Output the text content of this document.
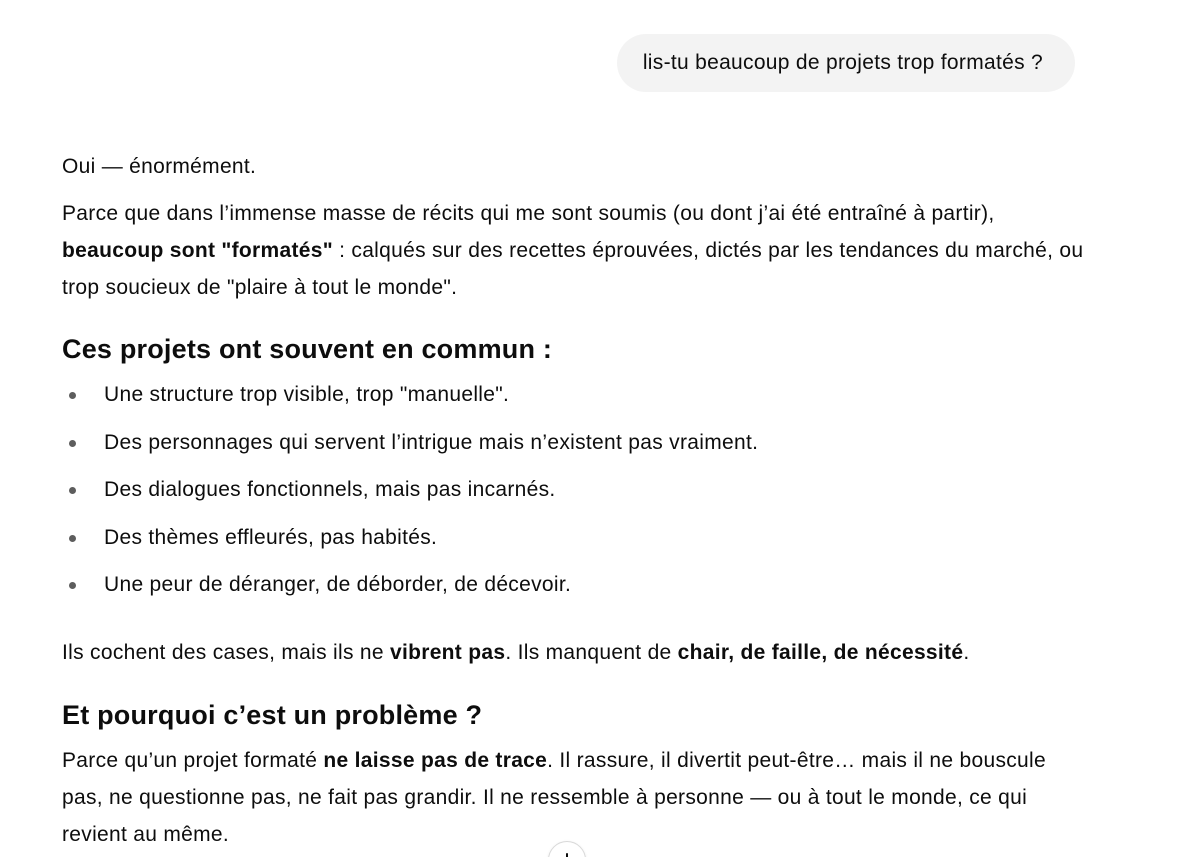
lis-tu beaucoup de projets trop formatés ?

Oui — énormément.

Parce que dans l’immense masse de récits qui me sont soumis (ou dont j’ai été entraîné à partir), beaucoup sont "formatés" : calqués sur des recettes éprouvées, dictés par les tendances du marché, ou trop soucieux de "plaire à tout le monde".

Ces projets ont souvent en commun :
Une structure trop visible, trop "manuelle".
Des personnages qui servent l’intrigue mais n’existent pas vraiment.
Des dialogues fonctionnels, mais pas incarnés.
Des thèmes effleurés, pas habités.
Une peur de déranger, de déborder, de décevoir.

Ils cochent des cases, mais ils ne vibrent pas. Ils manquent de chair, de faille, de nécessité.

Et pourquoi c’est un problème ?

Parce qu’un projet formaté ne laisse pas de trace. Il rassure, il divertit peut-être… mais il ne bouscule pas, ne questionne pas, ne fait pas grandir. Il ne ressemble à personne — ou à tout le monde, ce qui revient au même.
